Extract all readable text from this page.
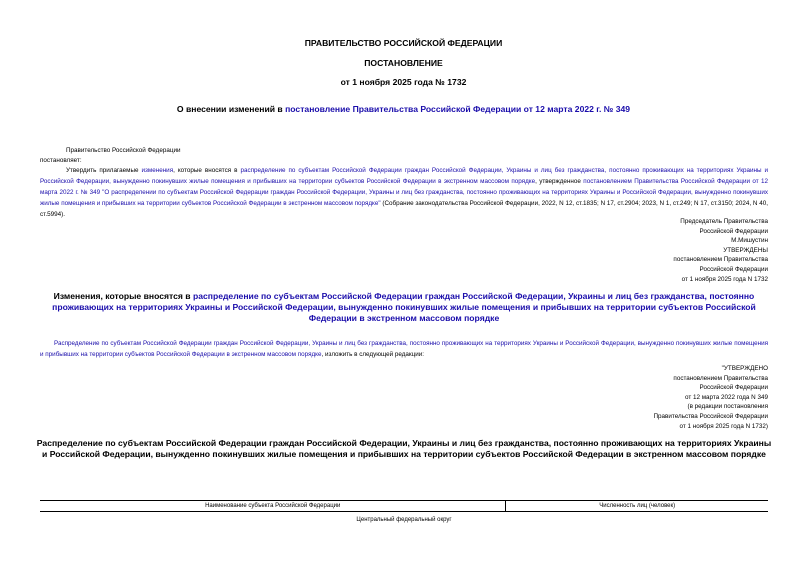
ПРАВИТЕЛЬСТВО РОССИЙСКОЙ ФЕДЕРАЦИИ
ПОСТАНОВЛЕНИЕ
от 1 ноября 2025 года № 1732
О внесении изменений в постановление Правительства Российской Федерации от 12 марта 2022 г. № 349
Правительство Российской Федерации
постановляет:
Утвердить прилагаемые изменения, которые вносятся в распределение по субъектам Российской Федерации граждан Российской Федерации, Украины и лиц без гражданства, постоянно проживающих на территориях Украины и Российской Федерации, вынужденно покинувших жилые помещения и прибывших на территории субъектов Российской Федерации в экстренном массовом порядке, утвержденное постановлением Правительства Российской Федерации от 12 марта 2022 г. № 349 "О распределении по субъектам Российской Федерации граждан Российской Федерации, Украины и лиц без гражданства, постоянно проживающих на территориях Украины и Российской Федерации, вынужденно покинувших жилые помещения и прибывших на территории субъектов Российской Федерации в экстренном массовом порядке" (Собрание законодательства Российской Федерации, 2022, N 12, ст.1835; N 17, ст.2904; 2023, N 1, ст.249; N 17, ст.3150; 2024, N 40, ст.5994).
Председатель Правительства
Российской Федерации
М.Мишустин
УТВЕРЖДЕНЫ
постановлением Правительства
Российской Федерации
от 1 ноября 2025 года N 1732
Изменения, которые вносятся в распределение по субъектам Российской Федерации граждан Российской Федерации, Украины и лиц без гражданства, постоянно проживающих на территориях Украины и Российской Федерации, вынужденно покинувших жилые помещения и прибывших на территории субъектов Российской Федерации в экстренном массовом порядке
Распределение по субъектам Российской Федерации граждан Российской Федерации, Украины и лиц без гражданства, постоянно проживающих на территориях Украины и Российской Федерации, вынужденно покинувших жилые помещения и прибывших на территории субъектов Российской Федерации в экстренном массовом порядке, изложить в следующей редакции:
"УТВЕРЖДЕНО
постановлением Правительства
Российской Федерации
от 12 марта 2022 года N 349
(в редакции постановления
Правительства Российской Федерации
от 1 ноября 2025 года N 1732)
Распределение по субъектам Российской Федерации граждан Российской Федерации, Украины и лиц без гражданства, постоянно проживающих на территориях Украины и Российской Федерации, вынужденно покинувших жилые помещения и прибывших на территории субъектов Российской Федерации в экстренном массовом порядке
Наименование субъекта Российской Федерации	Численность лиц (человек)
Центральный федеральный округ
